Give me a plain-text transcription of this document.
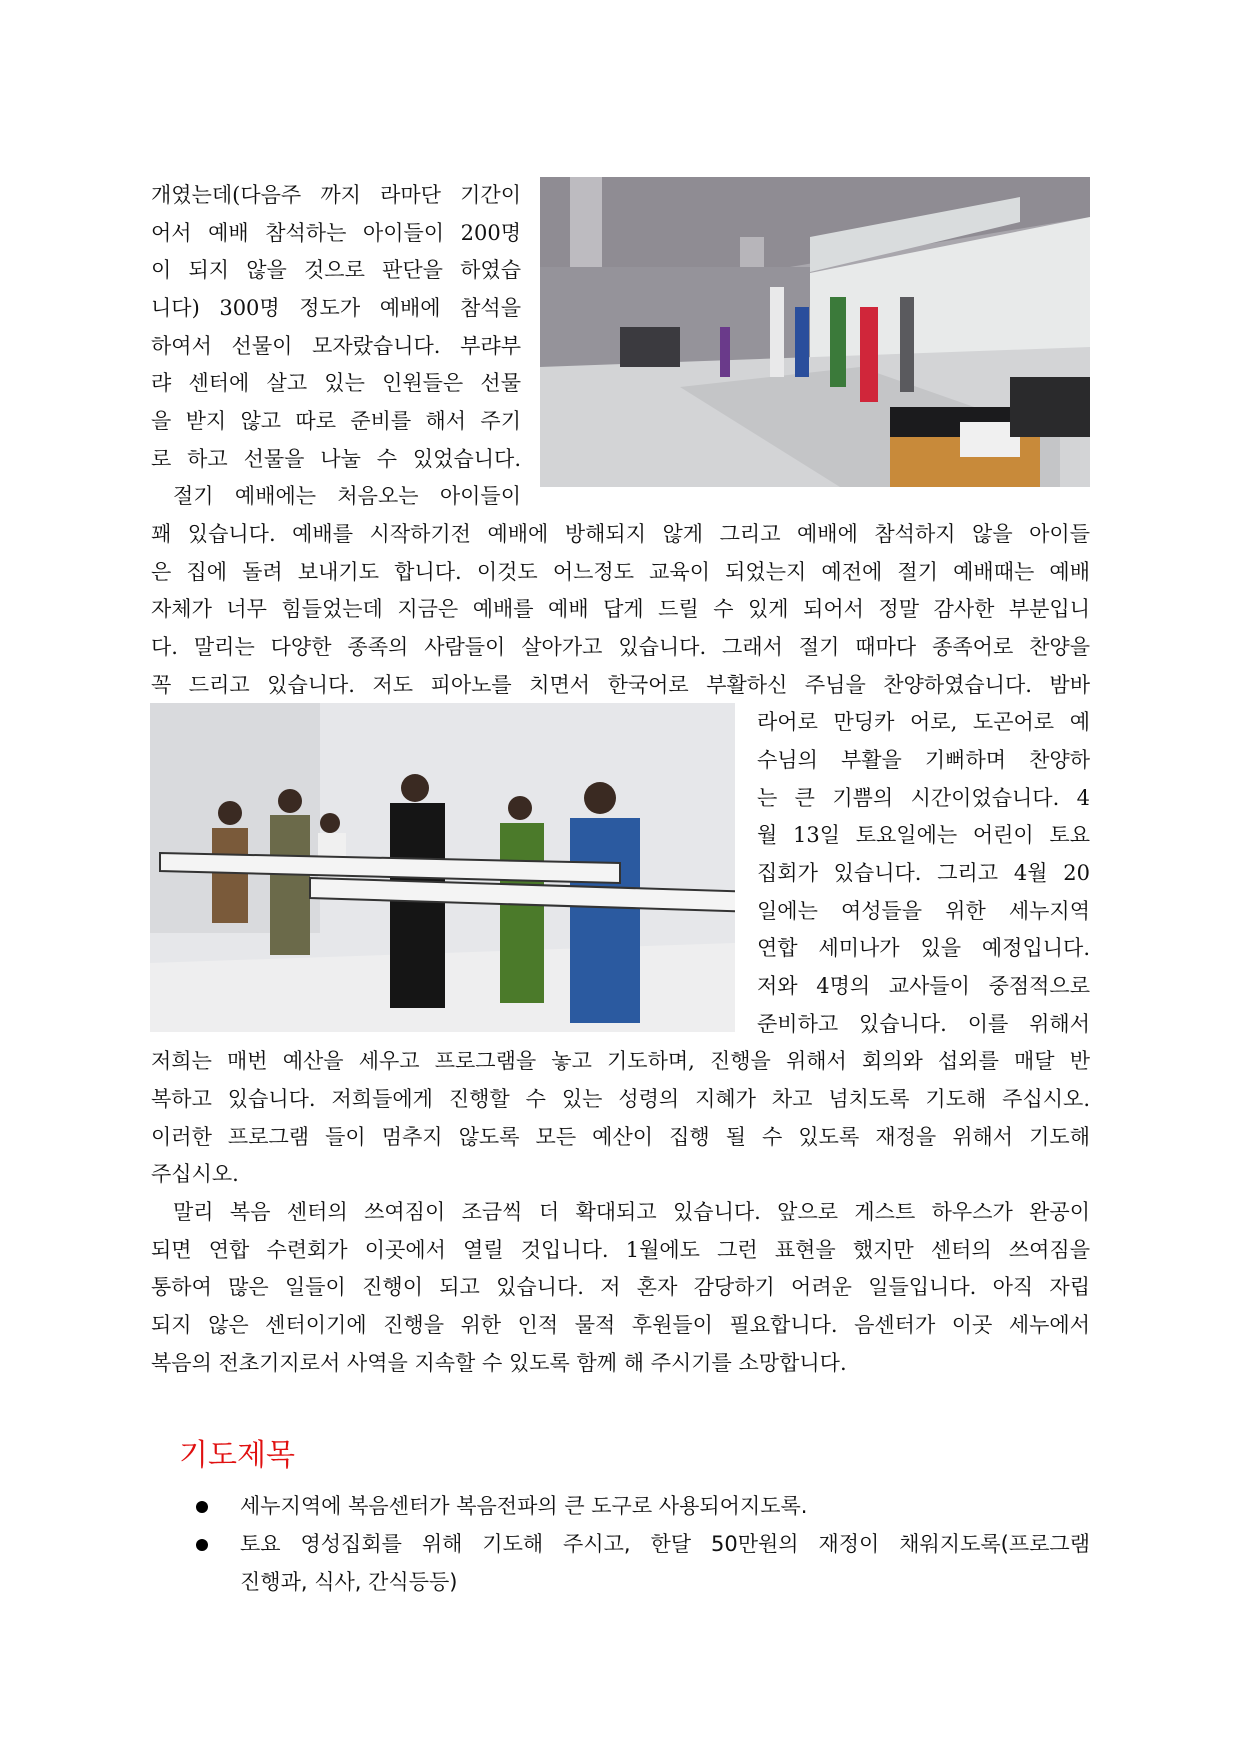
개였는데(다음주 까지 라마단 기간이
어서 예배 참석하는 아이들이 200명
이 되지 않을 것으로 판단을 하였습
니다) 300명 정도가 예배에 참석을
하여서 선물이 모자랐습니다. 부랴부
랴 센터에 살고 있는 인원들은 선물
을 받지 않고 따로 준비를 해서 주기
로 하고 선물을 나눌 수 있었습니다.
절기 예배에는 처음오는 아이들이
꽤 있습니다. 예배를 시작하기전 예배에 방해되지 않게 그리고 예배에 참석하지 않을 아이들
은 집에 돌려 보내기도 합니다. 이것도 어느정도 교육이 되었는지 예전에 절기 예배때는 예배
자체가 너무 힘들었는데 지금은 예배를 예배 답게 드릴 수 있게 되어서 정말 감사한 부분입니
다. 말리는 다양한 종족의 사람들이 살아가고 있습니다. 그래서 절기 때마다 종족어로 찬양을
꼭 드리고 있습니다. 저도 피아노를 치면서 한국어로 부활하신 주님을 찬양하였습니다. 밤바
라어로 만딩카 어로, 도곤어로 예
수님의 부활을 기뻐하며 찬양하
는 큰 기쁨의 시간이었습니다. 4
월 13일 토요일에는 어린이 토요
집회가 있습니다. 그리고 4월 20
일에는 여성들을 위한 세누지역
연합 세미나가 있을 예정입니다.
저와 4명의 교사들이 중점적으로
준비하고 있습니다. 이를 위해서
저희는 매번 예산을 세우고 프로그램을 놓고 기도하며, 진행을 위해서 회의와 섭외를 매달 반
복하고 있습니다. 저희들에게 진행할 수 있는 성령의 지혜가 차고 넘치도록 기도해 주십시오.
이러한 프로그램 들이 멈추지 않도록 모든 예산이 집행 될 수 있도록 재정을 위해서 기도해
주십시오.
말리 복음 센터의 쓰여짐이 조금씩 더 확대되고 있습니다. 앞으로 게스트 하우스가 완공이
되면 연합 수련회가 이곳에서 열릴 것입니다. 1월에도 그런 표현을 했지만 센터의 쓰여짐을
통하여 많은 일들이 진행이 되고 있습니다. 저 혼자 감당하기 어려운 일들입니다. 아직 자립
되지 않은 센터이기에 진행을 위한 인적 물적 후원들이 필요합니다. 음센터가 이곳 세누에서
복음의 전초기지로서 사역을 지속할 수 있도록 함께 해 주시기를 소망합니다.
기도제목
세누지역에 복음센터가 복음전파의 큰 도구로 사용되어지도록.
토요 영성집회를 위해 기도해 주시고, 한달 50만원의 재정이 채워지도록(프로그램
진행과, 식사, 간식등등)
